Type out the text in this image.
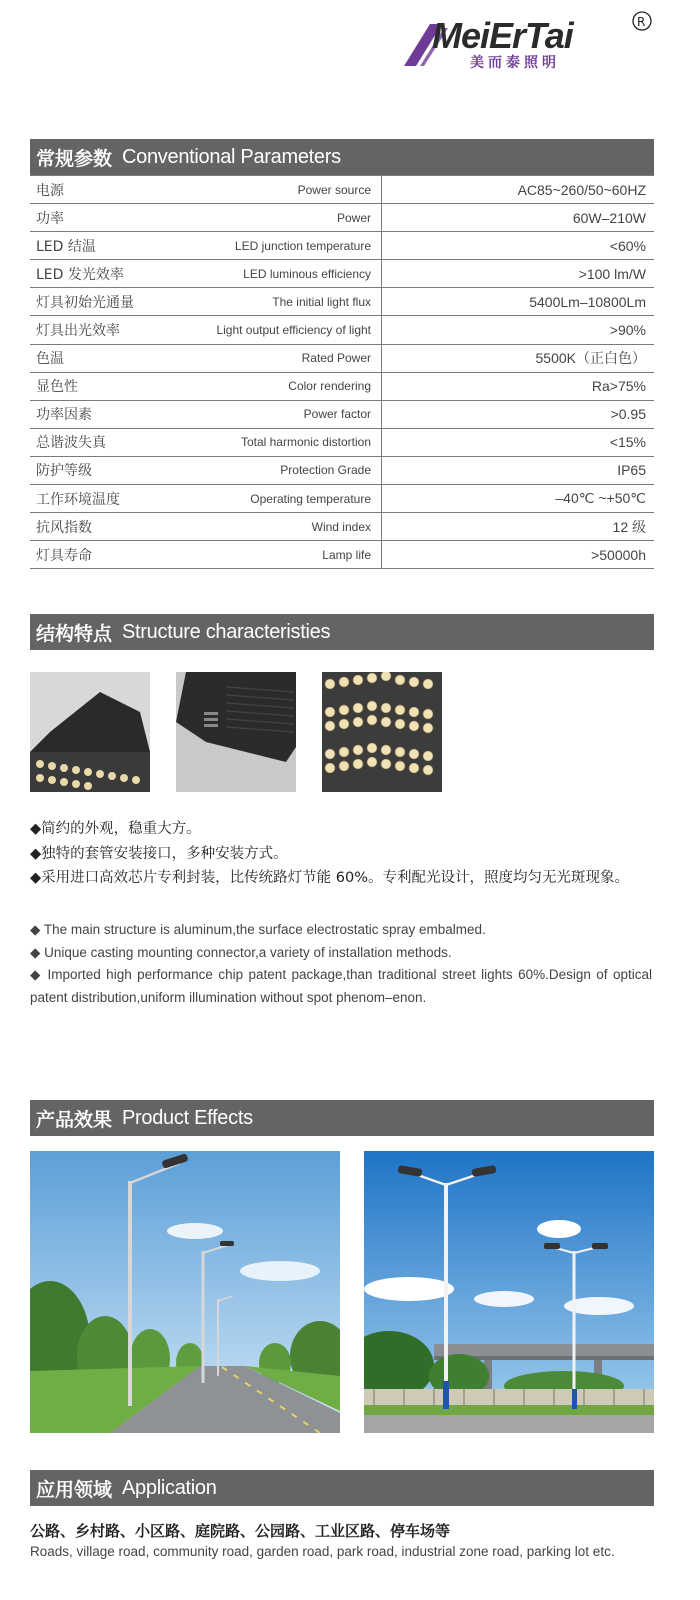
MeiErTai	R
美而泰照明
常规参数 Conventional Parameters
电源	Power source	AC85~260/50~60HZ
功率	Power	60W–210W
LED 结温	LED junction temperature	<60%
LED 发光效率	LED luminous efficiency	>100 lm/W
灯具初始光通量	The initial light flux	5400Lm–10800Lm
灯具出光效率	Light output efficiency of light	>90%
色温	Rated Power	5500K（正白色）
显色性	Color rendering	Ra>75%
功率因素	Power factor	>0.95
总谐波失真	Total harmonic distortion	<15%
防护等级	Protection Grade	IP65
工作环境温度	Operating temperature	–40℃ ~+50℃
抗风指数	Wind index	12 级
灯具寿命	Lamp life	>50000h
结构特点 Structure characteristies
◆简约的外观，稳重大方。
◆独特的套管安装接口，多种安装方式。
◆采用进口高效芯片专利封装，比传统路灯节能 60%。专利配光设计，照度均匀无光斑现象。
◆ The main structure is aluminum,the surface electrostatic spray embalmed.
◆ Unique casting mounting connector,a variety of installation methods.
◆ Imported high performance chip patent package,than traditional street lights 60%.Design of optical patent distribution,uniform illumination without spot phenom–enon.
产品效果 Product Effects
应用领域 Application
公路、乡村路、小区路、庭院路、公园路、工业区路、停车场等
Roads, village road, community road, garden road, park road, industrial zone road, parking lot etc.
